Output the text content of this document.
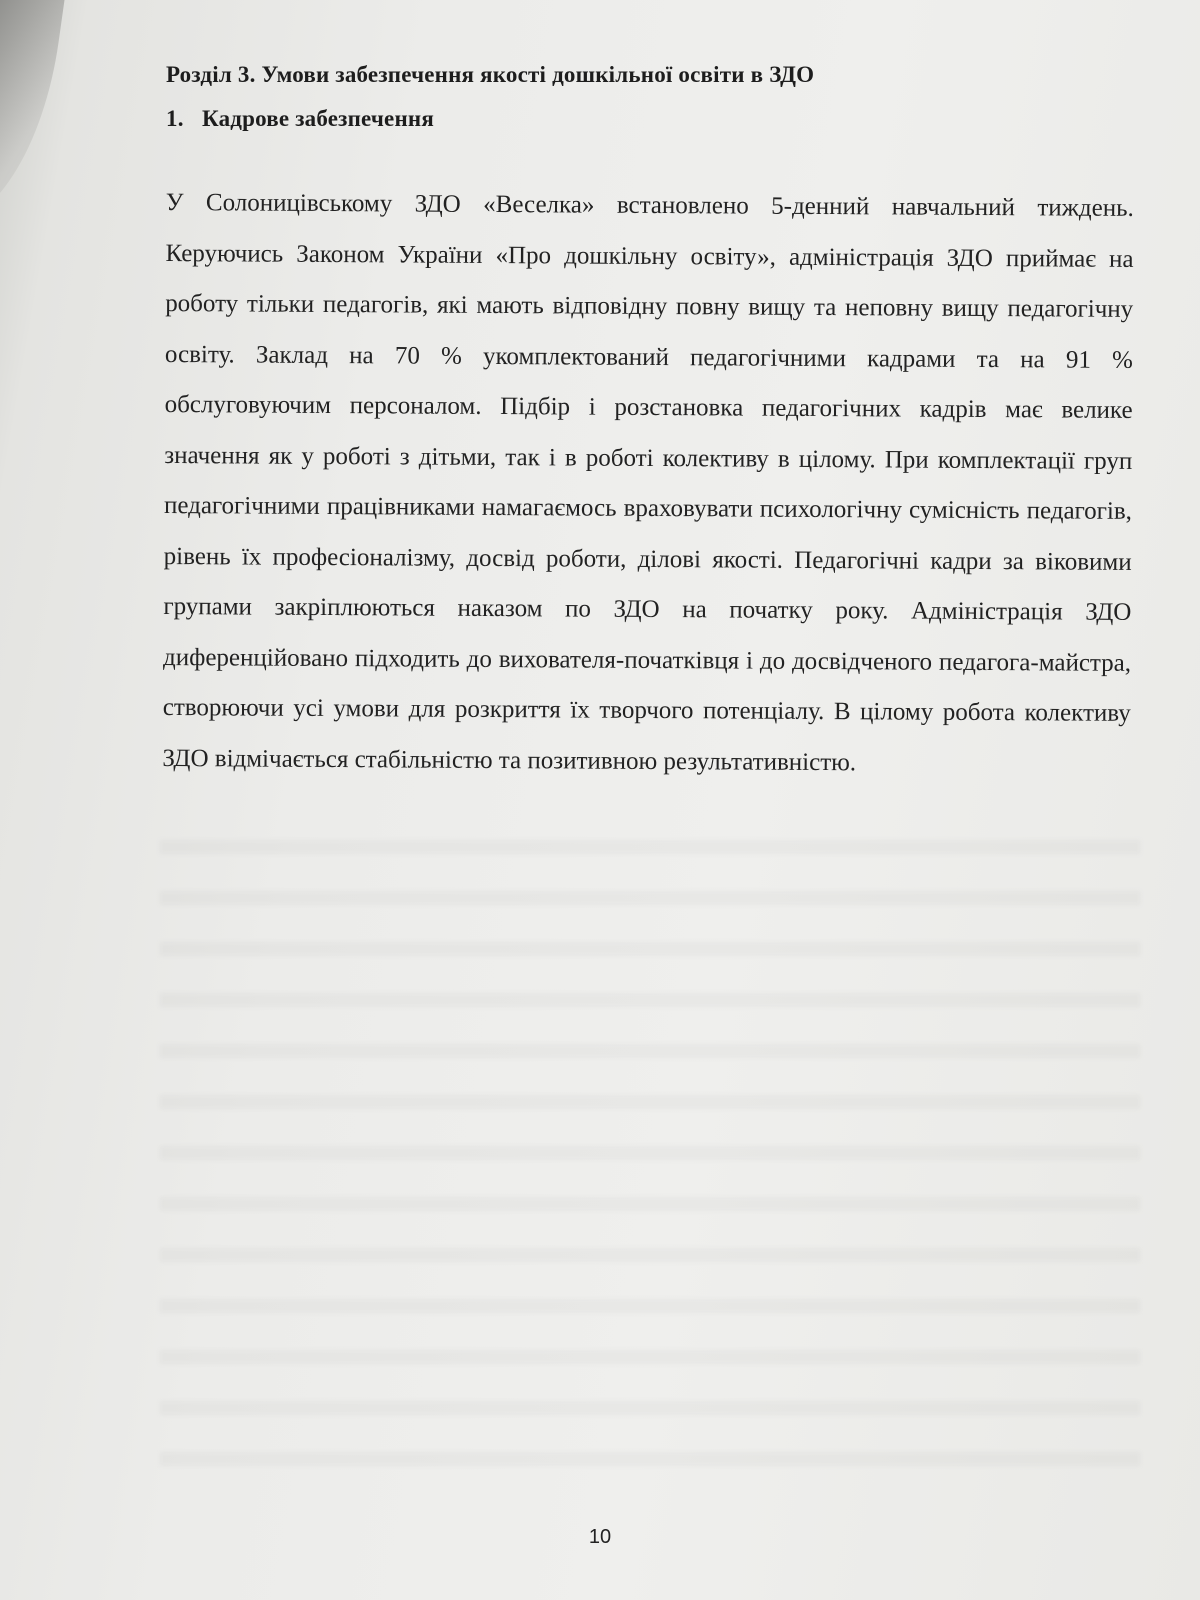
Розділ 3. Умови забезпечення якості дошкільної освіти в ЗДО
1. Кадрове забезпечення

У Солоницівському ЗДО «Веселка» встановлено 5-денний навчальний тиждень. Керуючись Законом України «Про дошкільну освіту», адміністрація ЗДО приймає на роботу тільки педагогів, які мають відповідну повну вищу та неповну вищу педагогічну освіту. Заклад на 70 % укомплектований педагогічними кадрами та на 91 % обслуговуючим персоналом. Підбір і розстановка педагогічних кадрів має велике значення як у роботі з дітьми, так і в роботі колективу в цілому. При комплектації груп педагогічними працівниками намагаємось враховувати психологічну сумісність педагогів, рівень їх професіоналізму, досвід роботи, ділові якості. Педагогічні кадри за віковими групами закріплюються наказом по ЗДО на початку року. Адміністрація ЗДО диференційовано підходить до вихователя-початківця і до досвідченого педагога-майстра, створюючи усі умови для розкриття їх творчого потенціалу. В цілому робота колективу ЗДО відмічається стабільністю та позитивною результативністю.

10
